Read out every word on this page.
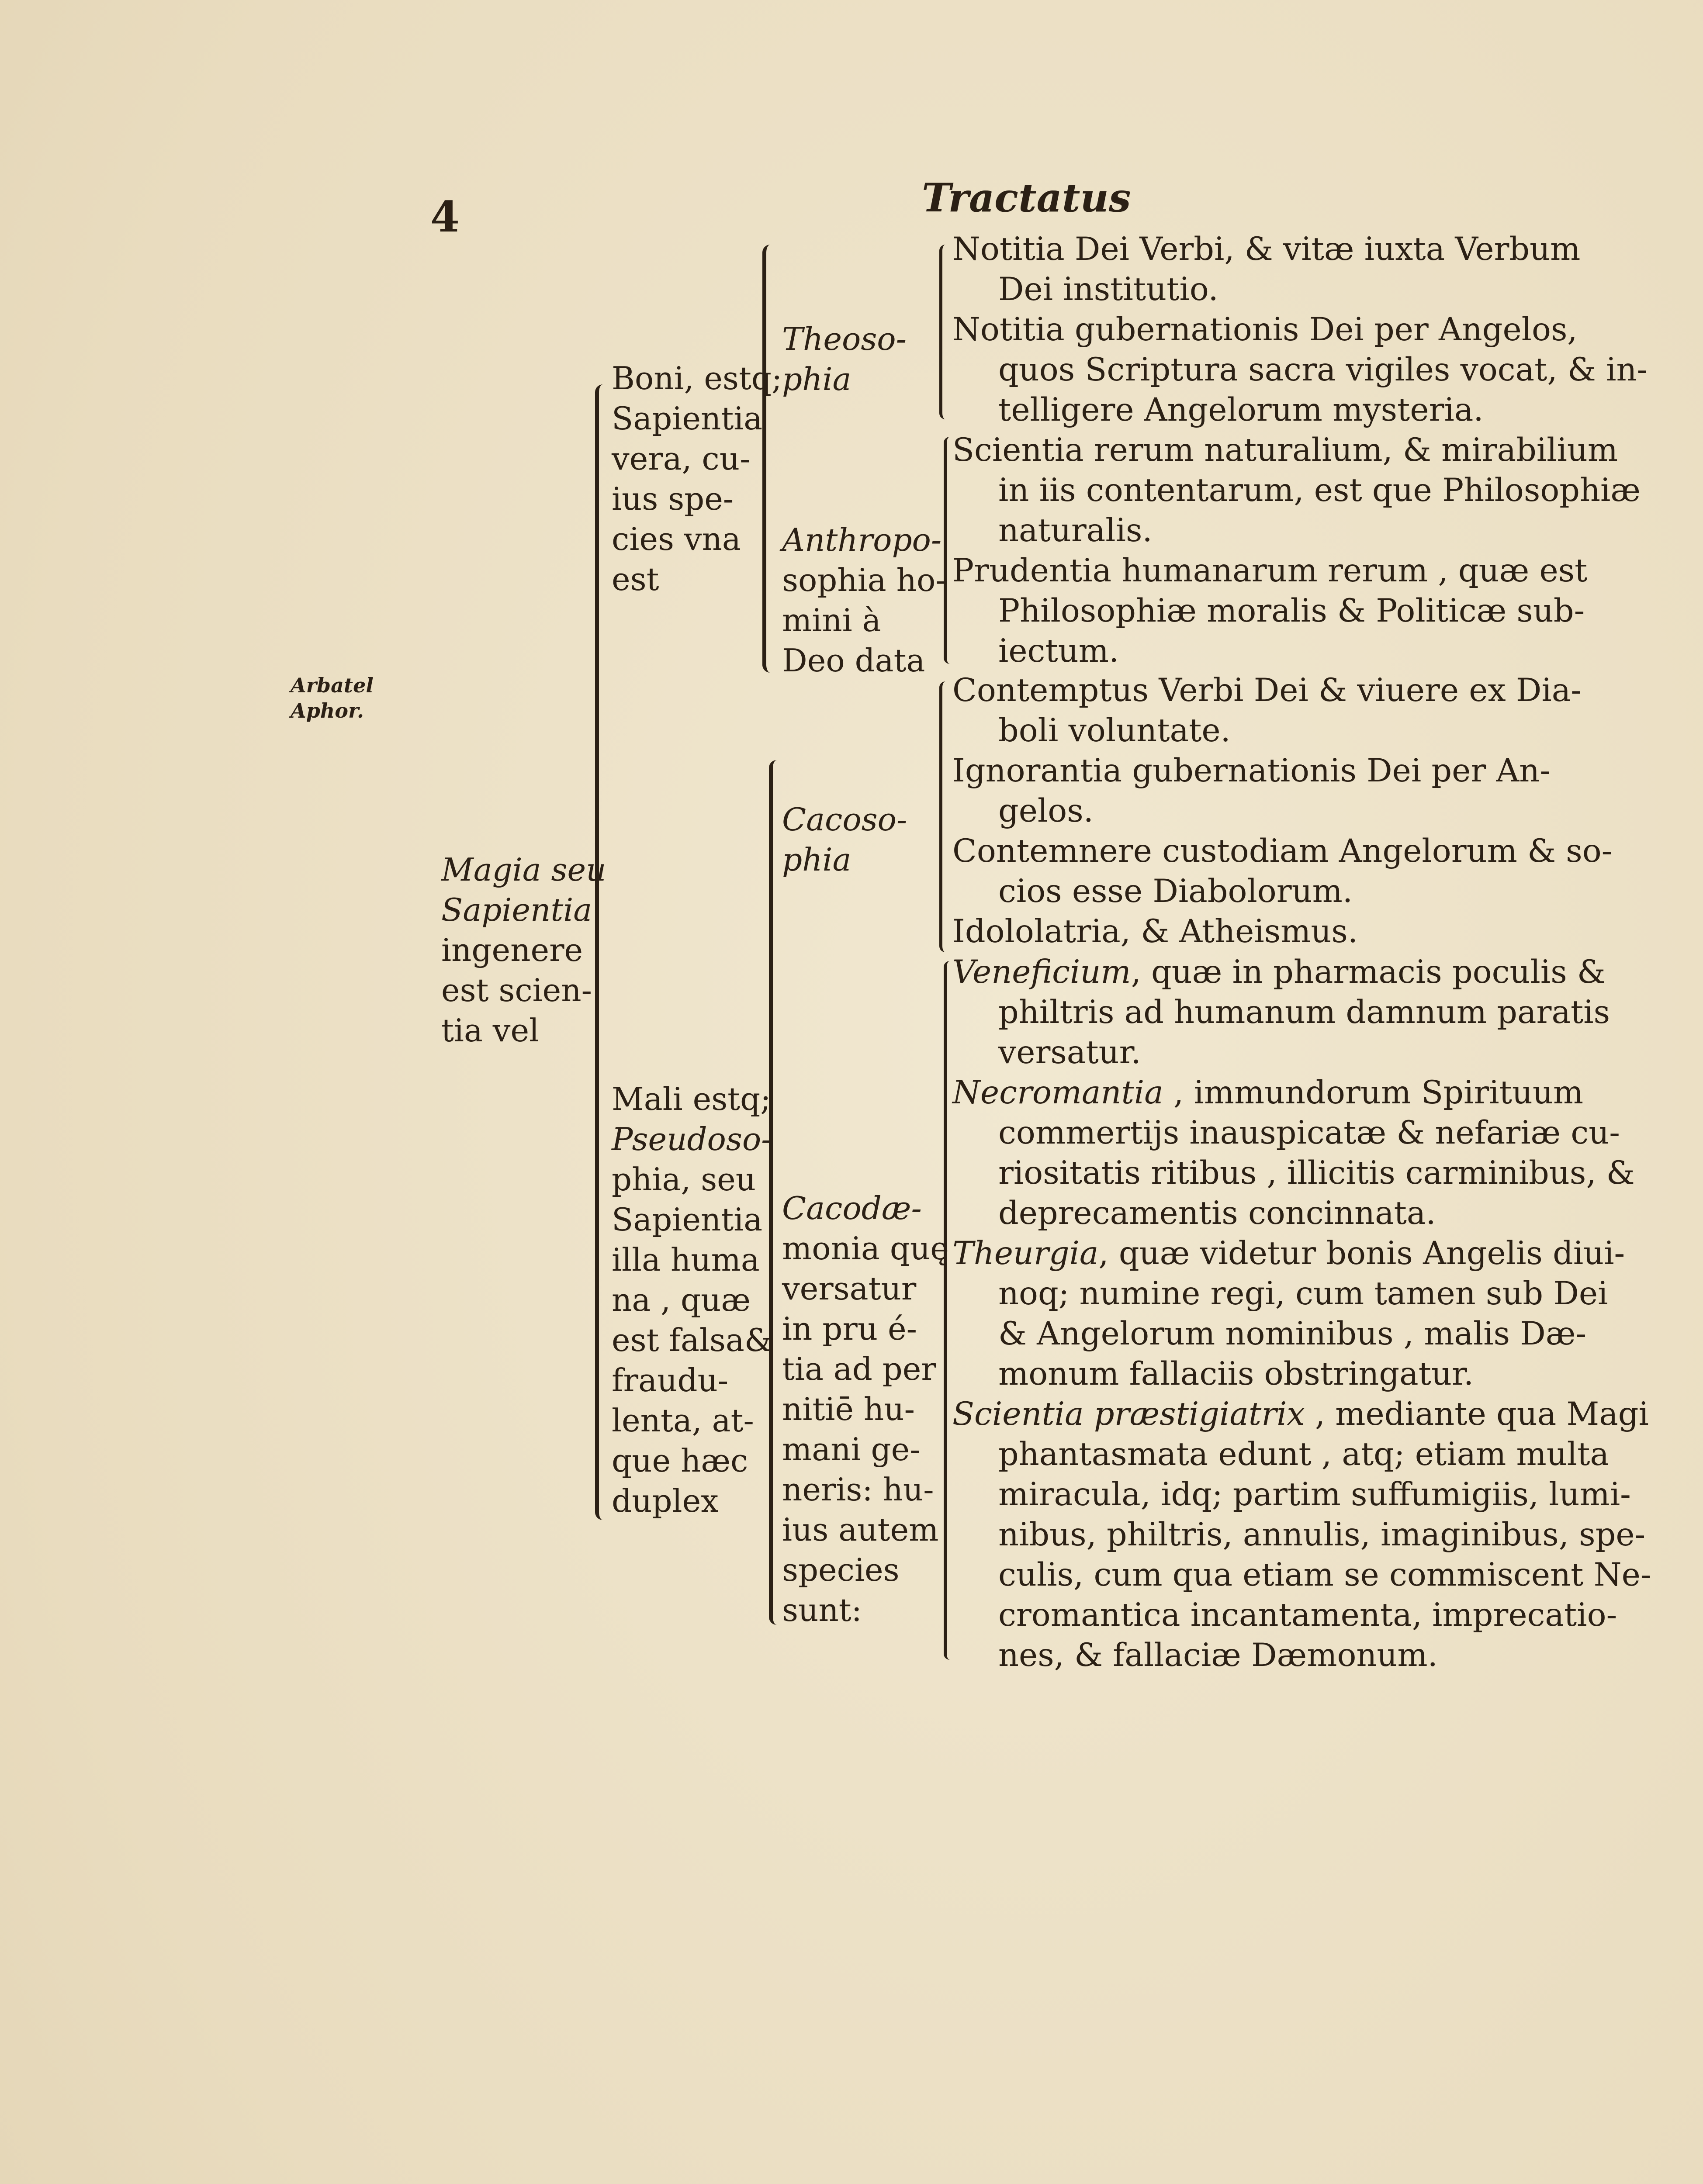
4	Tractatus
Arbatel
Aphor.
Magia seu
Sapientia
ingenere
est scien-
tia vel
Boni, estq;
Sapientia
vera, cu-
ius spe-
cies vna
est
Mali estq;
Pseudoso-
phia, seu
Sapientia
illa huma
na , quæ
est falsa&
fraudu-
lenta, at-
que hæc
duplex
Theoso-
phia
Anthropo-
sophia ho-
mini à
Deo data
Cacoso-
phia
Cacodæ-
monia quę
versatur
in pru é-
tia ad per
nitiē hu-
mani ge-
neris: hu-
ius autem
species
sunt:
Notitia Dei Verbi, & vitæ iuxta Verbum
Dei institutio.
Notitia gubernationis Dei per Angelos,
quos Scriptura sacra vigiles vocat, & in-
telligere Angelorum mysteria.
Scientia rerum naturalium, & mirabilium
in iis contentarum, est que Philosophiæ
naturalis.
Prudentia humanarum rerum , quæ est
Philosophiæ moralis & Politicæ sub-
iectum.
Contemptus Verbi Dei & viuere ex Dia-
boli voluntate.
Ignorantia gubernationis Dei per An-
gelos.
Contemnere custodiam Angelorum & so-
cios esse Diabolorum.
Idololatria, & Atheismus.
Veneficium, quæ in pharmacis poculis &
philtris ad humanum damnum paratis
versatur.
Necromantia , immundorum Spirituum
commertijs inauspicatæ & nefariæ cu-
riositatis ritibus , illicitis carminibus, &
deprecamentis concinnata.
Theurgia, quæ videtur bonis Angelis diui-
noq; numine regi, cum tamen sub Dei
& Angelorum nominibus , malis Dæ-
monum fallaciis obstringatur.
Scientia præstigiatrix , mediante qua Magi
phantasmata edunt , atq; etiam multa
miracula, idq; partim suffumigiis, lumi-
nibus, philtris, annulis, imaginibus, spe-
culis, cum qua etiam se commiscent Ne-
cromantica incantamenta, imprecatio-
nes, & fallaciæ Dæmonum.
